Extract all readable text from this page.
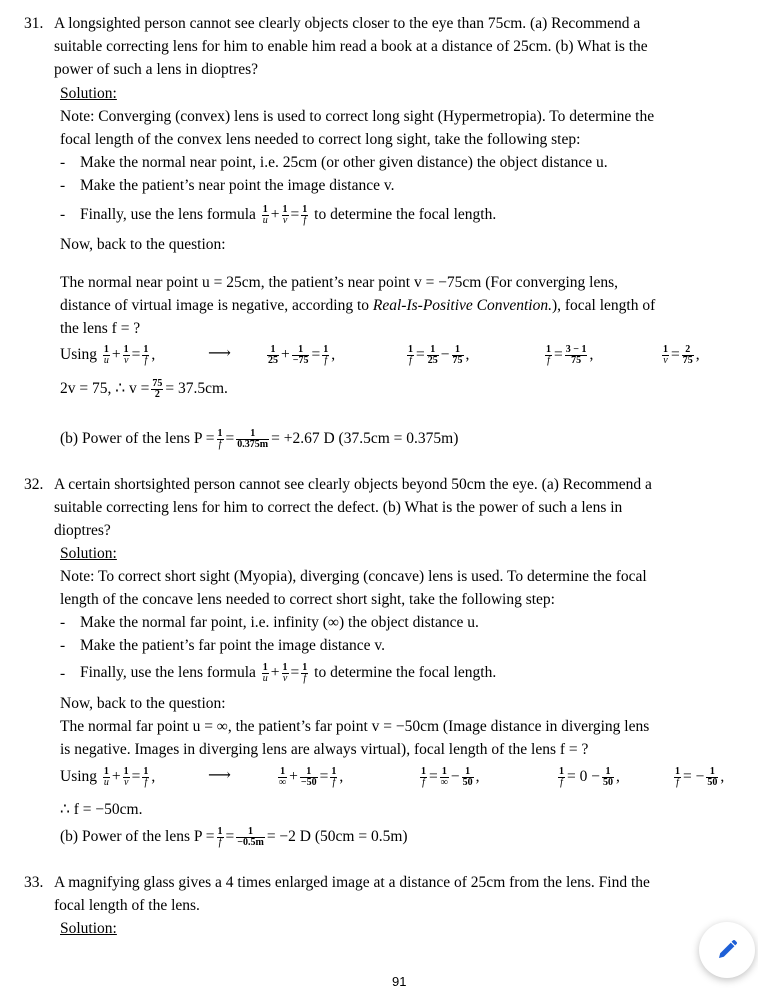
31. A longsighted person cannot see clearly objects closer to the eye than 75cm. (a) Recommend a
suitable correcting lens for him to enable him read a book at a distance of 25cm. (b) What is the
power of such a lens in dioptres?
Solution:
Note: Converging (convex) lens is used to correct long sight (Hypermetropia). To determine the
focal length of the convex lens needed to correct long sight, take the following step:
- Make the normal near point, i.e. 25cm (or other given distance) the object distance u.
- Make the patient’s near point the image distance v.
- Finally, use the lens formula $\frac{1}{u} + \frac{1}{v} = \frac{1}{f}$ to determine the focal length.
Now, back to the question:
The normal near point u = 25cm, the patient’s near point v = −75cm (For converging lens,
distance of virtual image is negative, according to Real-Is-Positive Convention.), focal length of
the lens f = ?
Using $\frac{1}{u} + \frac{1}{v} = \frac{1}{f}$ ,	⟶	$\frac{1}{25} + \frac{1}{-75} = \frac{1}{f}$ ,	$\frac{1}{f} = \frac{1}{25} - \frac{1}{75}$ ,	$\frac{1}{f} = \frac{3 - 1}{75}$ ,	$\frac{1}{v} = \frac{2}{75}$ ,
2v = 75, ∴ $v = \frac{75}{2} = 37.5cm$.
(b) Power of the lens $P = \frac{1}{f} = \frac{1}{0.375m} = +2.67$ D (37.5cm = 0.375m)
32. A certain shortsighted person cannot see clearly objects beyond 50cm the eye. (a) Recommend a
suitable correcting lens for him to correct the defect. (b) What is the power of such a lens in
dioptres?
Solution:
Note: To correct short sight (Myopia), diverging (concave) lens is used. To determine the focal
length of the concave lens needed to correct short sight, take the following step:
- Make the normal far point, i.e. infinity (∞) the object distance u.
- Make the patient’s far point the image distance v.
- Finally, use the lens formula $\frac{1}{u} + \frac{1}{v} = \frac{1}{f}$ to determine the focal length.
Now, back to the question:
The normal far point u = ∞, the patient’s far point v = −50cm (Image distance in diverging lens
is negative. Images in diverging lens are always virtual), focal length of the lens f = ?
Using $\frac{1}{u} + \frac{1}{v} = \frac{1}{f}$ ,	⟶	$\frac{1}{\infty} + \frac{1}{-50} = \frac{1}{f}$ ,	$\frac{1}{f} = \frac{1}{\infty} - \frac{1}{50}$ ,	$\frac{1}{f} = 0 - \frac{1}{50}$ ,	$\frac{1}{f}$ = − $\frac{1}{50}$ ,
∴ f = −50cm.
(b) Power of the lens $P = \frac{1}{f} = \frac{1}{-0.5m} = -2$ D (50cm = 0.5m)
33. A magnifying glass gives a 4 times enlarged image at a distance of 25cm from the lens. Find the
focal length of the lens.
Solution:
91
